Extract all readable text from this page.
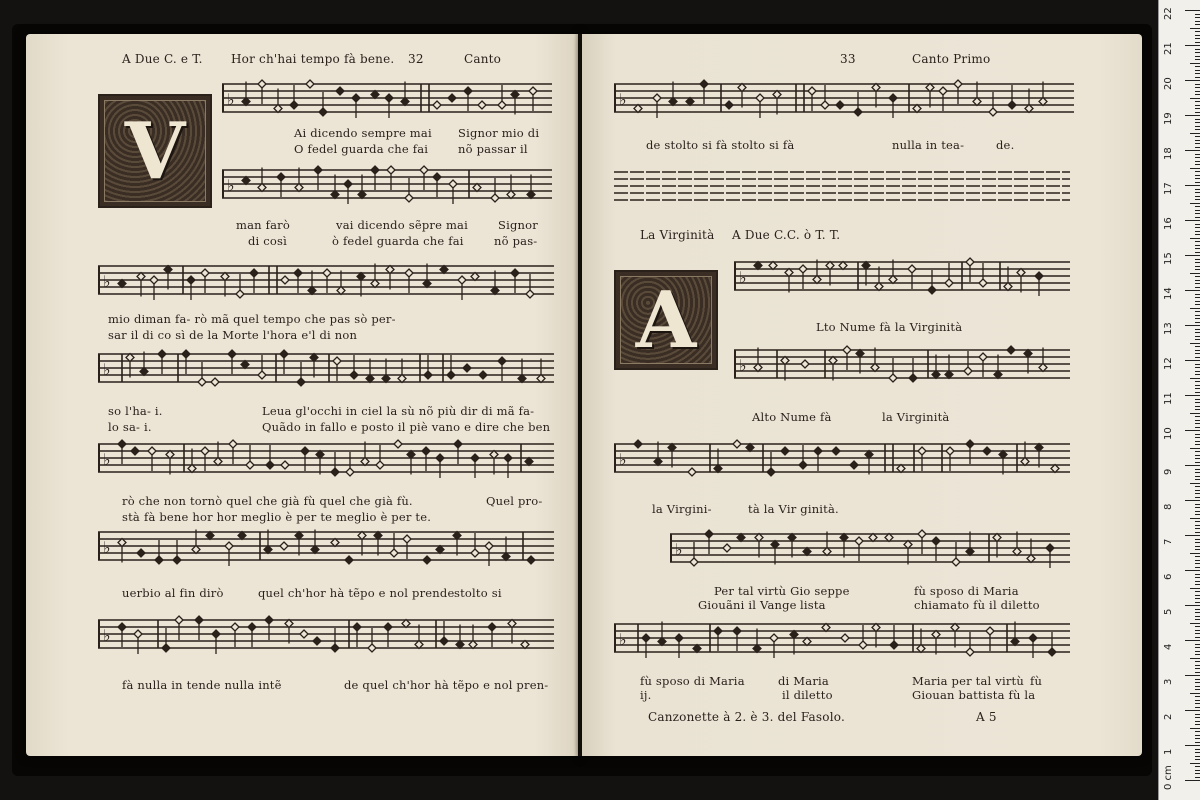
A Due C. e T. Hor ch'hai tempo fà bene. 32	Canto
V
♭
♭
♭
♭
♭
♭
♭
Ai dicendo sempre mai Signor mio di
O fedel guarda che fai	nõ passar il
man farò	vai dicendo sẽpre mai	Signor
di così	ò fedel guarda che fai	nõ pas-
mio diman fa- rò mã quel tempo che pas sò per-
sar il di co sì de la Morte l'hora e'l di non
so l'ha- i.	Leua gl'occhi in ciel la sù nõ più dir di mã fa-
lo sa- i.	Quãdo in fallo e posto il piè vano e dire che ben
rò che non tornò quel che già fù quel che già fù.	Quel pro-
fà bene hor hor meglio è per te meglio è per te.
stà
uerbio al fin dirò	quel ch'hor hà tẽpo e nol prende stolto si
fà nulla in tende nulla intẽ	de quel ch'hor hà tẽpo e nol pren-
33	Canto Primo
♭
de stolto si fà stolto si fà	nulla in tea-	de.
La Virginità A Due C.C. ò T. T.
A	♭
Lto Nume fà la Virginità
♭
Alto Nume fà	la Virginità
♭
la Virgini-	tà la Vir ginità.
♭
Per tal virtù Gio seppe	fù sposo di Maria
Giouãni il Vange lista	chiamato fù il diletto
♭
fù sposo di Maria	di Maria	Maria per tal virtù fù
ij.	il diletto	Giouan battista fù la
Canzonette à 2. è 3. del Fasolo.	A 5
22
21
20
19
18
17
16
15
14
13
12
11
10
9
8
7
6
5
4
3
2
1
0 cm
